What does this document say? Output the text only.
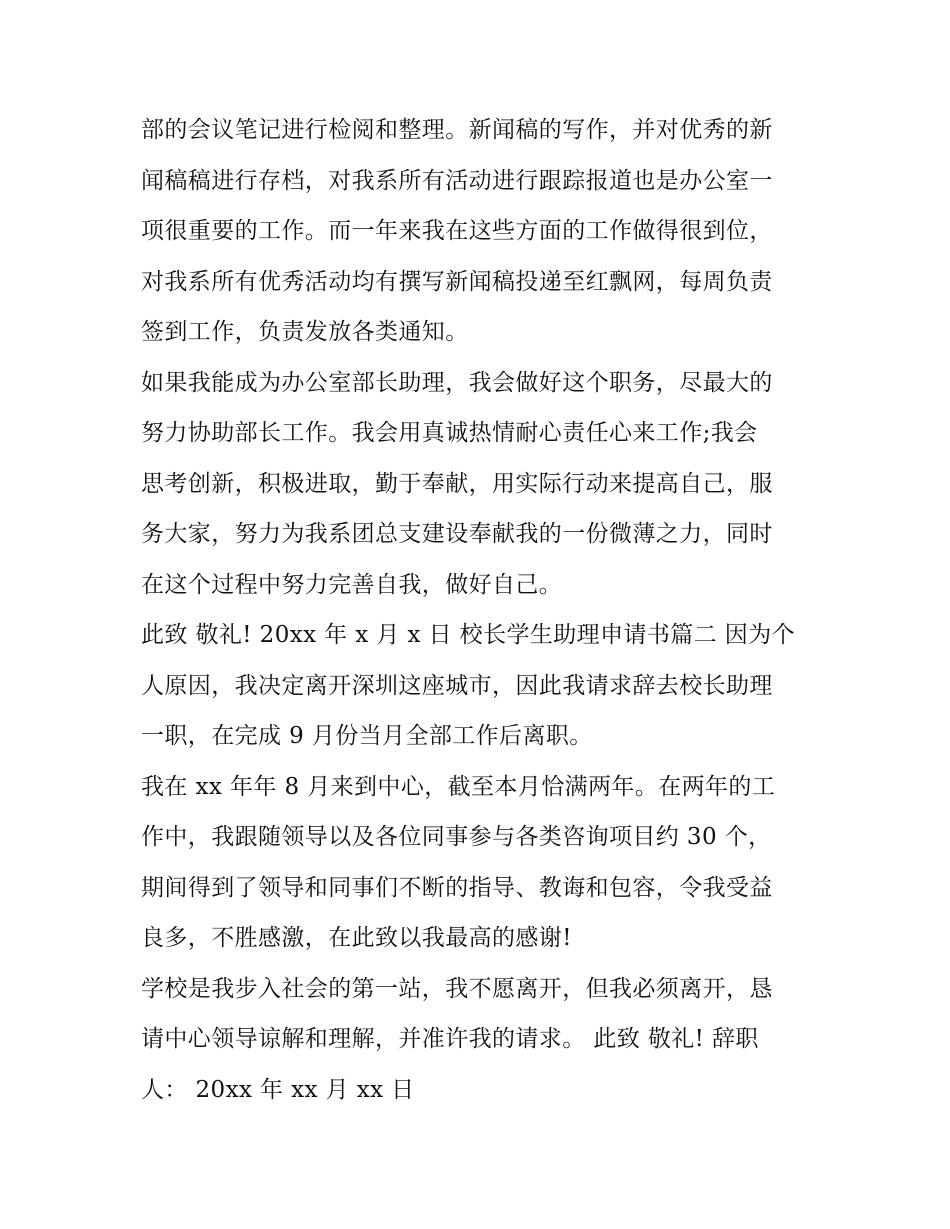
部的会议笔记进行检阅和整理。新闻稿的写作，并对优秀的新
闻稿稿进行存档，对我系所有活动进行跟踪报道也是办公室一
项很重要的工作。而一年来我在这些方面的工作做得很到位，
对我系所有优秀活动均有撰写新闻稿投递至红飘网，每周负责
签到工作，负责发放各类通知。
如果我能成为办公室部长助理，我会做好这个职务，尽最大的
努力协助部长工作。我会用真诚热情耐心责任心来工作;我会
思考创新，积极进取，勤于奉献，用实际行动来提高自己，服
务大家，努力为我系团总支建设奉献我的一份微薄之力，同时
在这个过程中努力完善自我，做好自己。
此致 敬礼! 20xx 年 x 月 x 日 校长学生助理申请书篇二 因为个
人原因，我决定离开深圳这座城市，因此我请求辞去校长助理
一职，在完成 9 月份当月全部工作后离职。
我在 xx 年年 8 月来到中心，截至本月恰满两年。在两年的工
作中，我跟随领导以及各位同事参与各类咨询项目约 30 个，
期间得到了领导和同事们不断的指导、教诲和包容，令我受益
良多，不胜感激，在此致以我最高的感谢!
学校是我步入社会的第一站，我不愿离开，但我必须离开，恳
请中心领导谅解和理解，并准许我的请求。 此致 敬礼! 辞职
人： 20xx 年 xx 月 xx 日
